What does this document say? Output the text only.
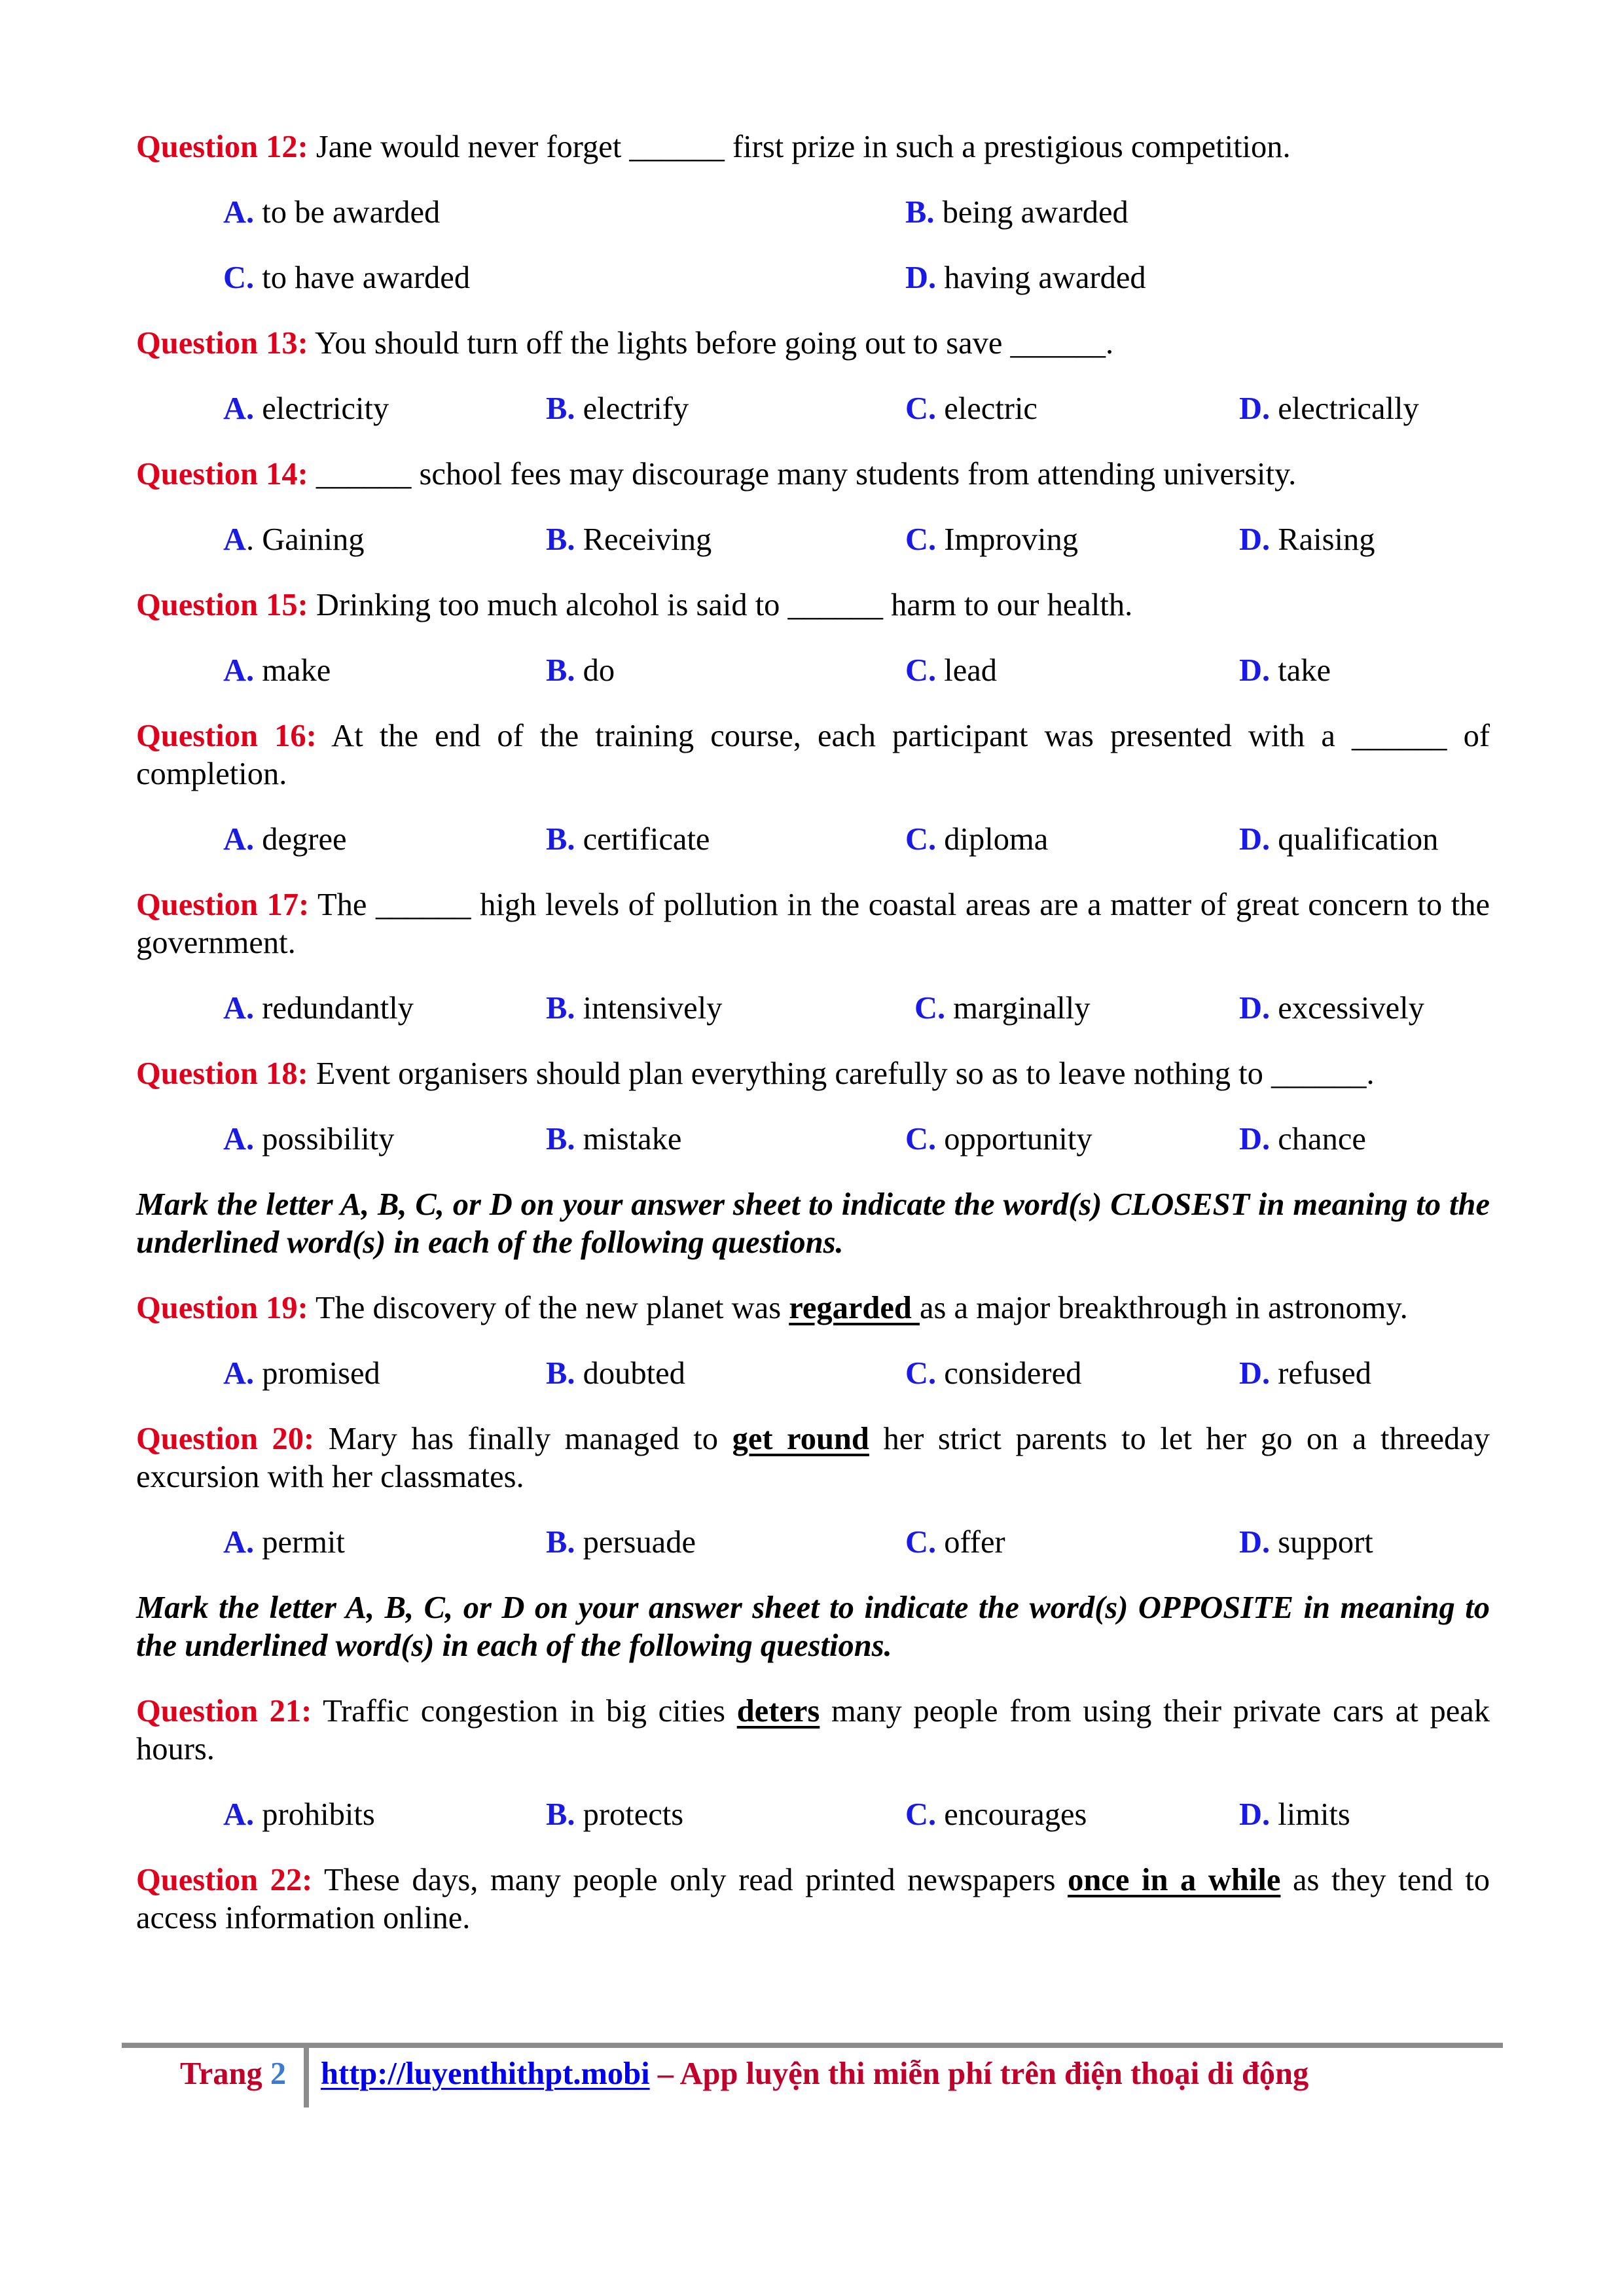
Question 12: Jane would never forget ______ first prize in such a prestigious competition.

A. to be awarded	B. being awarded
C. to have awarded	D. having awarded

Question 13: You should turn off the lights before going out to save ______.

A. electricity	B. electrify	C. electric	D. electrically

Question 14: ______ school fees may discourage many students from attending university.

A. Gaining	B. Receiving	C. Improving	D. Raising

Question 15: Drinking too much alcohol is said to ______ harm to our health.

A. make	B. do	C. lead	D. take

Question 16: At the end of the training course, each participant was presented with a ______ of completion.

A. degree	B. certificate	C. diploma	D. qualification

Question 17: The ______ high levels of pollution in the coastal areas are a matter of great concern to the government.

A. redundantly	B. intensively	C. marginally	D. excessively

Question 18: Event organisers should plan everything carefully so as to leave nothing to ______.

A. possibility	B. mistake	C. opportunity	D. chance

Mark the letter A, B, C, or D on your answer sheet to indicate the word(s) CLOSEST in meaning to the underlined word(s) in each of the following questions.

Question 19: The discovery of the new planet was regarded as a major breakthrough in astronomy.

A. promised	B. doubted	C. considered	D. refused

Question 20: Mary has finally managed to get round her strict parents to let her go on a threeday excursion with her classmates.

A. permit	B. persuade	C. offer	D. support

Mark the letter A, B, C, or D on your answer sheet to indicate the word(s) OPPOSITE in meaning to the underlined word(s) in each of the following questions.

Question 21: Traffic congestion in big cities deters many people from using their private cars at peak hours.

A. prohibits	B. protects	C. encourages	D. limits

Question 22: These days, many people only read printed newspapers once in a while as they tend to access information online.

Trang 2 http://luyenthithpt.mobi – App luyện thi miễn phí trên điện thoại di động
